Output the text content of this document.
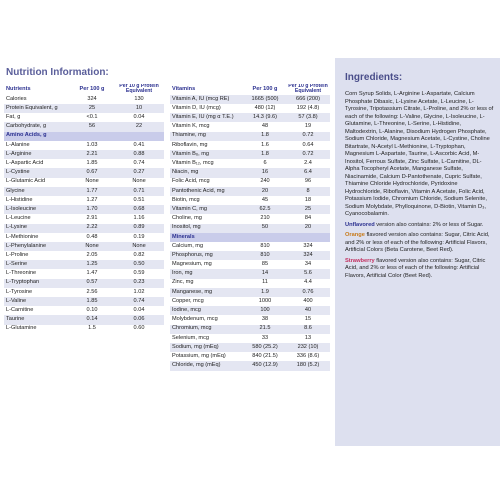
Nutrition Information:
Nutrients	Per 100 g	Per 10 g Protein Equivalent
Calories	324	130
Protein Equivalent, g	25	10
Fat, g	<0.1	0.04
Carbohydrate, g	56	22
Amino Acids, g		
L-Alanine	1.03	0.41
L-Arginine	2.21	0.88
L-Aspartic Acid	1.85	0.74
L-Cystine	0.67	0.27
L-Glutamic Acid	None	None
Glycine	1.77	0.71
L-Histidine	1.27	0.51
L-Isoleucine	1.70	0.68
L-Leucine	2.91	1.16
L-Lysine	2.22	0.89
L-Methionine	0.48	0.19
L-Phenylalanine	None	None
L-Proline	2.05	0.82
L-Serine	1.25	0.50
L-Threonine	1.47	0.59
L-Tryptophan	0.57	0.23
L-Tyrosine	2.56	1.02
L-Valine	1.85	0.74
L-Carnitine	0.10	0.04
Taurine	0.14	0.06
L-Glutamine	1.5	0.60
Vitamins	Per 100 g	Per 10 g Protein Equivalent
Vitamin A, IU (mcg RE)	1665 (500)	666 (200)
Vitamin D, IU (mcg)	480 (12)	192 (4.8)
Vitamin E, IU (mg α T.E.)	14.3 (9.6)	57 (3.8)
Vitamin K, mcg	48	19
Thiamine, mg	1.8	0.72
Riboflavin, mg	1.6	0.64
Vitamin B₆, mg	1.8	0.72
Vitamin B₁₂, mcg	6	2.4
Niacin, mg	16	6.4
Folic Acid, mcg	240	96
Pantothenic Acid, mg	20	8
Biotin, mcg	45	18
Vitamin C, mg	62.5	25
Choline, mg	210	84
Inositol, mg	50	20
Minerals		
Calcium, mg	810	324
Phosphorus, mg	810	324
Magnesium, mg	85	34
Iron, mg	14	5.6
Zinc, mg	11	4.4
Manganese, mg	1.9	0.76
Copper, mcg	1000	400
Iodine, mcg	100	40
Molybdenum, mcg	38	15
Chromium, mcg	21.5	8.6
Selenium, mcg	33	13
Sodium, mg (mEq)	580 (25.2)	232 (10)
Potassium, mg (mEq)	840 (21.5)	336 (8.6)
Chloride, mg (mEq)	450 (12.9)	180 (5.2)
Ingredients:

Corn Syrup Solids, L-Arginine L-Aspartate, Calcium Phosphate Dibasic, L-Lysine Acetate, L-Leucine, L-Tyrosine, Tripotassium Citrate, L-Proline, and 2% or less of each of the following: L-Valine, Glycine, L-Isoleucine, L-Glutamine, L-Threonine, L-Serine, L-Histidine, Maltodextrin, L-Alanine, Disodium Hydrogen Phosphate, Sodium Chloride, Magnesium Acetate, L-Cystine, Choline Bitartrate, N-Acetyl L-Methionine, L-Tryptophan, Magnesium L-Aspartate, Taurine, L-Ascorbic Acid, M-Inositol, Ferrous Sulfate, Zinc Sulfate, L-Carnitine, DL-Alpha Tocopheryl Acetate, Manganese Sulfate, Niacinamide, Calcium D-Pantothenate, Cupric Sulfate, Thiamine Chloride Hydrochloride, Pyridoxine Hydrochloride, Riboflavin, Vitamin A Acetate, Folic Acid, Potassium Iodide, Chromium Chloride, Sodium Selenite, Sodium Molybdate, Phylloquinone, D-Biotin, Vitamin D₃, Cyanocobalamin.

Unflavored version also contains: 2% or less of Sugar.

Orange flavored version also contains: Sugar, Citric Acid, and 2% or less of each of the following: Artificial Flavors, Artificial Colors (Beta Carotene, Beet Red).

Strawberry flavored version also contains: Sugar, Citric Acid, and 2% or less of each of the following: Artificial Flavors, Artificial Color (Beet Red).
